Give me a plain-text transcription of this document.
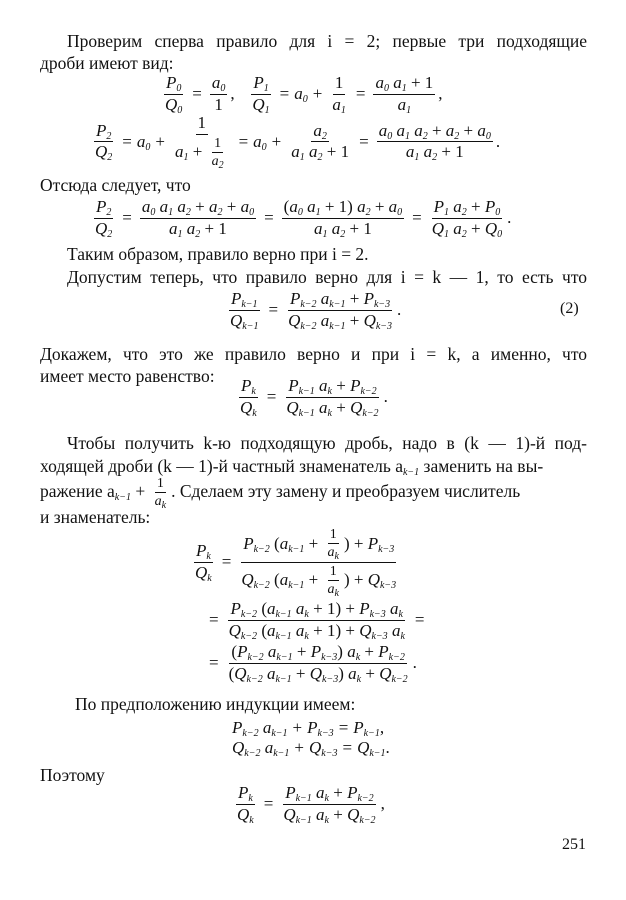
Проверим сперва правило для i = 2; первые три подходящие

дроби имеют вид:

$\frac{P_0}{Q_0} = \frac{a_0}{1}$ , $\frac{P_1}{Q_1} = a_0 + \frac{1}{a_1} = \frac{a_0 a_1 + 1}{a_1}$ ,
$\frac{P_2}{Q_2} = a_0 + \frac{1}{a_1 + \frac{1}{a_2}} = a_0 + \frac{a_2}{a_1 a_2 + 1} = \frac{a_0 a_1 a_2 + a_2 + a_0}{a_1 a_2 + 1}$ .

Отсюда следует, что

$\frac{P_2}{Q_2} = \frac{a_0 a_1 a_2 + a_2 + a_0}{a_1 a_2 + 1} = \frac{(a_0 a_1 + 1) a_2 + a_0}{a_1 a_2 + 1} = \frac{P_1 a_2 + P_0}{Q_1 a_2 + Q_0}$ .

Таким образом, правило верно при i = 2.

Допустим теперь, что правило верно для i = k — 1, то есть что

$\frac{P_{k-1}}{Q_{k-1}} = \frac{P_{k-2} a_{k-1} + P_{k-3}}{Q_{k-2} a_{k-1} + Q_{k-3}}$ .	(2)

Докажем, что это же правило верно и при i = k, а именно, что

имеет место равенство:

$\frac{P_k}{Q_k} = \frac{P_{k-1} a_k + P_{k-2}}{Q_{k-1} a_k + Q_{k-2}}$ .

Чтобы получить k-ю подходящую дробь, надо в (k — 1)-й под-

ходящей дроби (k — 1)-й частный знаменатель $a_{k-1}$ заменить на вы-

ражение $a_{k-1} + \frac{1}{a_k}$ . Сделаем эту замену и преобразуем числитель

и знаменатель:

$\frac{P_k}{Q_k} = \frac{P_{k-2} ( a_{k-1} + \frac{1}{a_k} ) + P_{k-3}}{Q_{k-2} ( a_{k-1} + \frac{1}{a_k} ) + Q_{k-3}}$
= $\frac{P_{k-2} (a_{k-1} a_k + 1) + P_{k-3} a_k}{Q_{k-2} (a_{k-1} a_k + 1) + Q_{k-3} a_k}$ =
= $\frac{(P_{k-2} a_{k-1} + P_{k-3}) a_k + P_{k-2}}{(Q_{k-2} a_{k-1} + Q_{k-3}) a_k + Q_{k-2}}$ .

По предположению индукции имеем:

$P_{k-2}$
$a_{k-1} + P_{k-3} = P_{k-1}$ ,
$Q_{k-2}$
$a_{k-1} + Q_{k-3} = Q_{k-1}$ .

Поэтому

$\frac{P_k}{Q_k} = \frac{P_{k-1} a_k + P_{k-2}}{Q_{k-1} a_k + Q_{k-2}}$ ,
251
